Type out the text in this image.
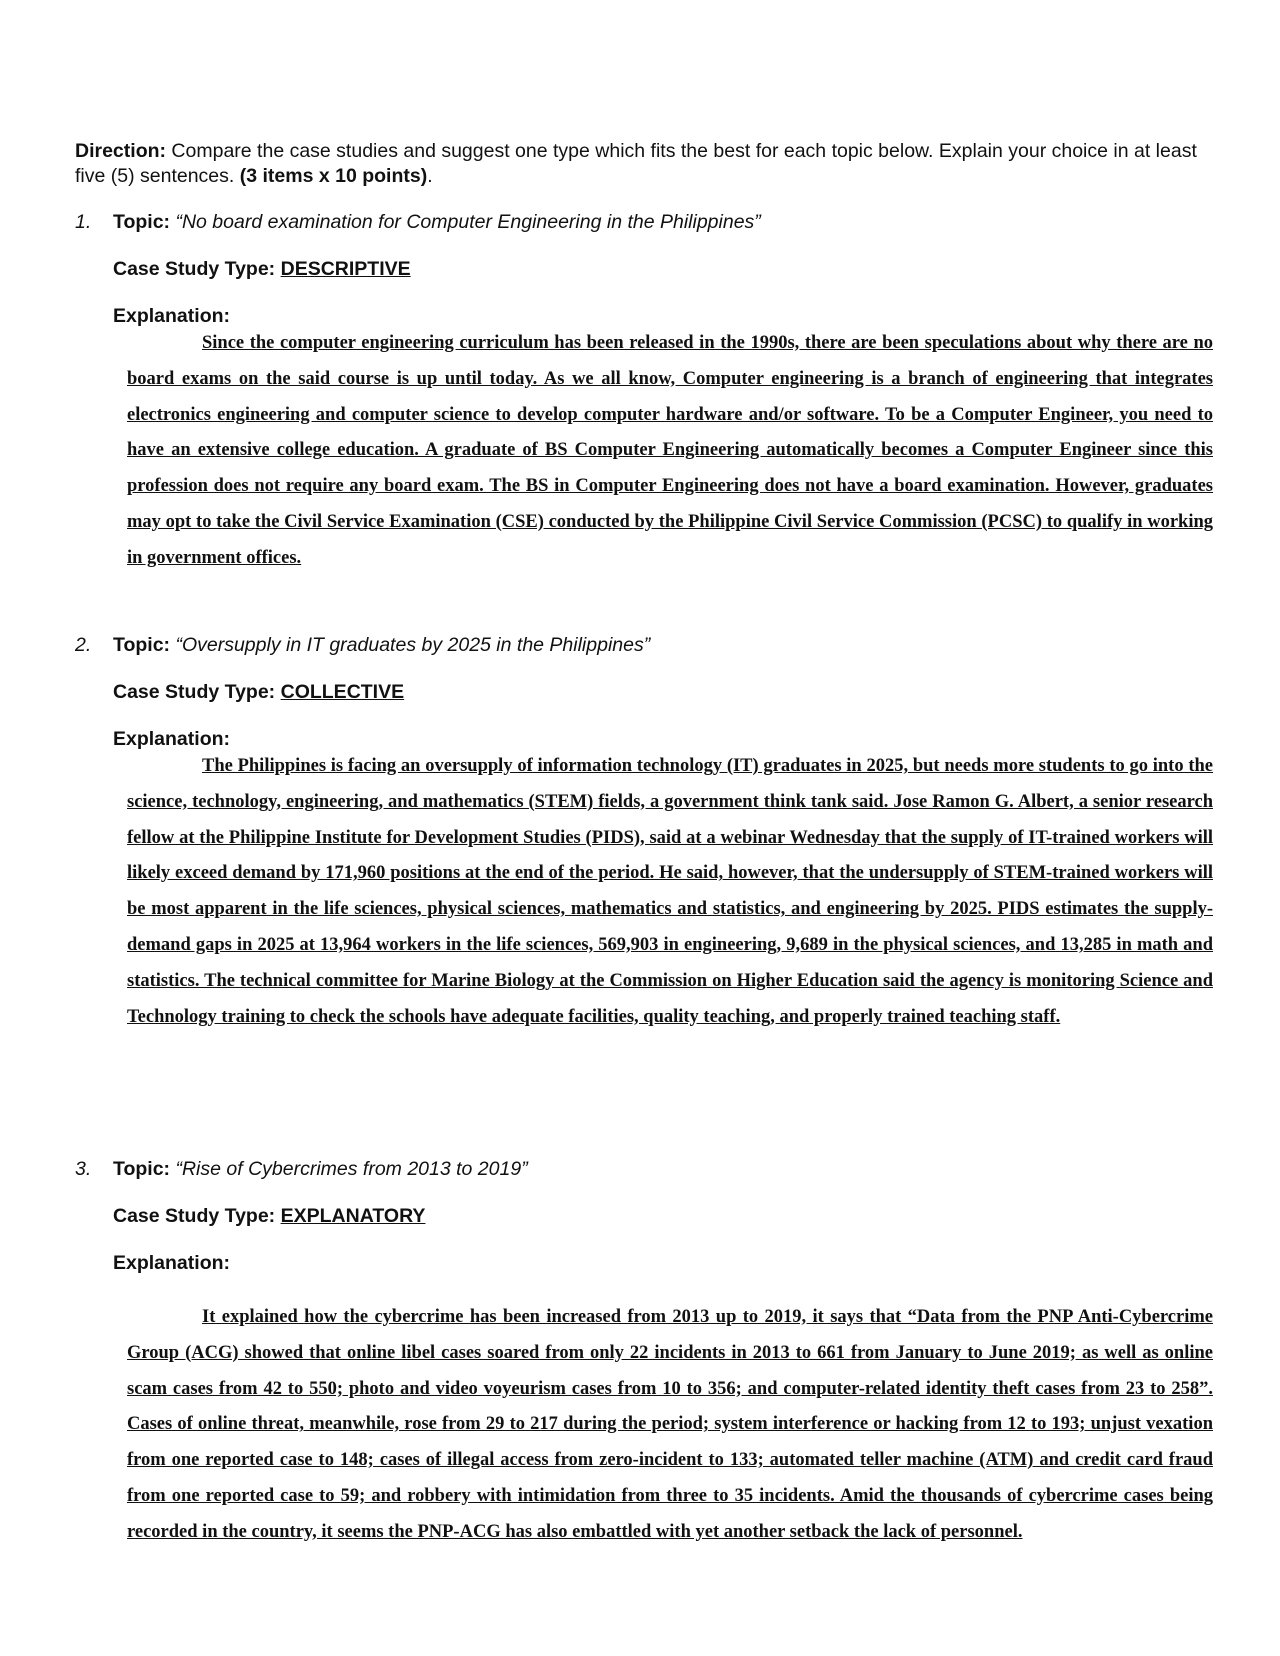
Direction: Compare the case studies and suggest one type which fits the best for each topic below. Explain your choice in at least five (5) sentences. (3 items x 10 points).
1. Topic: “No board examination for Computer Engineering in the Philippines”
Case Study Type: DESCRIPTIVE
Explanation:

Since the computer engineering curriculum has been released in the 1990s, there are been speculations about why there are no board exams on the said course is up until today. As we all know, Computer engineering is a branch of engineering that integrates electronics engineering and computer science to develop computer hardware and/or software. To be a Computer Engineer, you need to have an extensive college education. A graduate of BS Computer Engineering automatically becomes a Computer Engineer since this profession does not require any board exam. The BS in Computer Engineering does not have a board examination. However, graduates may opt to take the Civil Service Examination (CSE) conducted by the Philippine Civil Service Commission (PCSC) to qualify in working in government offices.

2. Topic: “Oversupply in IT graduates by 2025 in the Philippines”
Case Study Type: COLLECTIVE
Explanation:

The Philippines is facing an oversupply of information technology (IT) graduates in 2025, but needs more students to go into the science, technology, engineering, and mathematics (STEM) fields, a government think tank said. Jose Ramon G. Albert, a senior research fellow at the Philippine Institute for Development Studies (PIDS), said at a webinar Wednesday that the supply of IT-trained workers will likely exceed demand by 171,960 positions at the end of the period. He said, however, that the undersupply of STEM-trained workers will be most apparent in the life sciences, physical sciences, mathematics and statistics, and engineering by 2025. PIDS estimates the supply-demand gaps in 2025 at 13,964 workers in the life sciences, 569,903 in engineering, 9,689 in the physical sciences, and 13,285 in math and statistics. The technical committee for Marine Biology at the Commission on Higher Education said the agency is monitoring Science and Technology training to check the schools have adequate facilities, quality teaching, and properly trained teaching staff.

3. Topic: “Rise of Cybercrimes from 2013 to 2019”
Case Study Type: EXPLANATORY
Explanation:

It explained how the cybercrime has been increased from 2013 up to 2019, it says that “Data from the PNP Anti-Cybercrime Group (ACG) showed that online libel cases soared from only 22 incidents in 2013 to 661 from January to June 2019; as well as online scam cases from 42 to 550; photo and video voyeurism cases from 10 to 356; and computer-related identity theft cases from 23 to 258”. Cases of online threat, meanwhile, rose from 29 to 217 during the period; system interference or hacking from 12 to 193; unjust vexation from one reported case to 148; cases of illegal access from zero-incident to 133; automated teller machine (ATM) and credit card fraud from one reported case to 59; and robbery with intimidation from three to 35 incidents. Amid the thousands of cybercrime cases being recorded in the country, it seems the PNP-ACG has also embattled with yet another setback the lack of personnel.
